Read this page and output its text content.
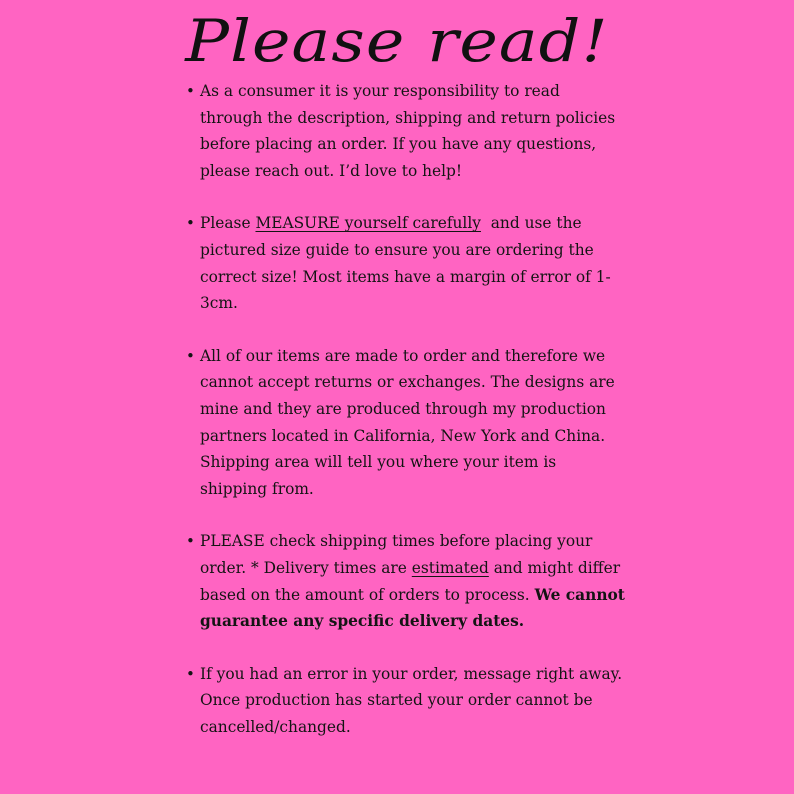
Please read!
• As a consumer it is your responsibility to read through the description, shipping and return policies before placing an order. If you have any questions, please reach out. I’d love to help!
• Please MEASURE yourself carefully  and use the pictured size guide to ensure you are ordering the correct size! Most items have a margin of error of 1-3cm.
• All of our items are made to order and therefore we cannot accept returns or exchanges. The designs are mine and they are produced through my production partners located in California, New York and China. Shipping area will tell you where your item is shipping from.
• PLEASE check shipping times before placing your order. * Delivery times are estimated and might differ based on the amount of orders to process. We cannot guarantee any specific delivery dates.
• If you had an error in your order, message right away. Once production has started your order cannot be cancelled/changed.
